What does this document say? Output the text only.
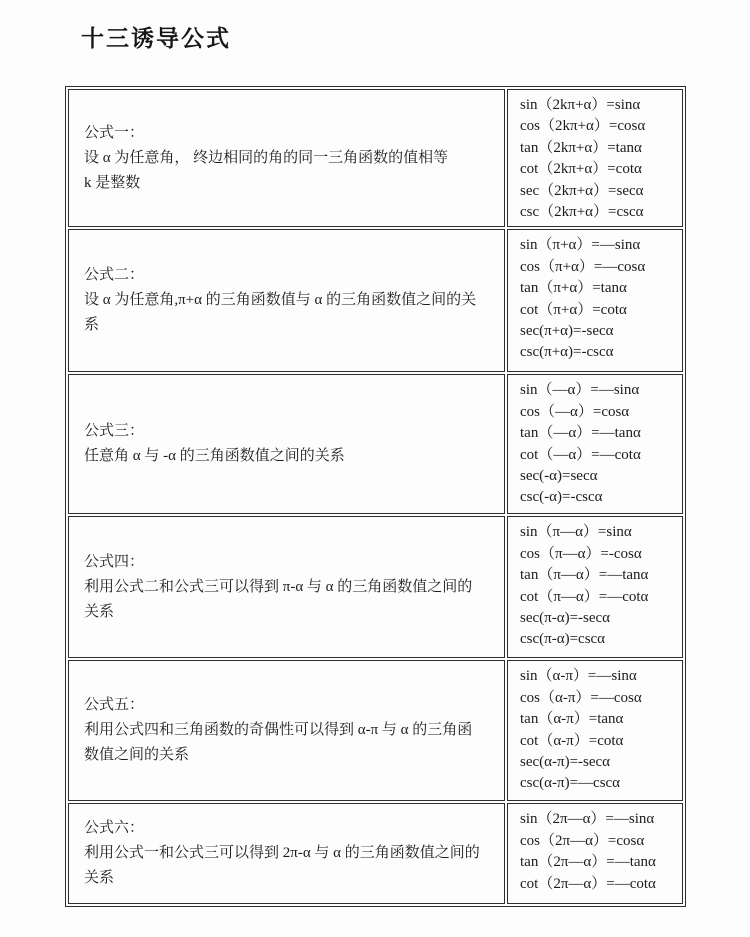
十三诱导公式
公式一：
设 α 为任意角， 终边相同的角的同一三角函数的值相等
k 是整数

sin（2kπ+α）=sinα
cos（2kπ+α）=cosα
tan（2kπ+α）=tanα
cot（2kπ+α）=cotα
sec（2kπ+α）=secα
csc（2kπ+α）=cscα

公式二：
设 α 为任意角,π+α 的三角函数值与 α 的三角函数值之间的关系

sin（π+α）=—sinα
cos（π+α）=—cosα
tan（π+α）=tanα
cot（π+α）=cotα
sec(π+α)=-secα
csc(π+α)=-cscα

公式三：
任意角 α 与 -α 的三角函数值之间的关系

sin（—α）=—sinα
cos（—α）=cosα
tan（—α）=—tanα
cot（—α）=—cotα
sec(-α)=secα
csc(-α)=-cscα

公式四：
利用公式二和公式三可以得到 π-α 与 α 的三角函数值之间的关系

sin（π—α）=sinα
cos（π—α）=-cosα
tan（π—α）=—tanα
cot（π—α）=—cotα
sec(π-α)=-secα
csc(π-α)=cscα

公式五：
利用公式四和三角函数的奇偶性可以得到 α-π 与 α 的三角函数值之间的关系

sin（α-π）=—sinα
cos（α-π）=—cosα
tan（α-π）=tanα
cot（α-π）=cotα
sec(α-π)=-secα
csc(α-π)=—cscα

公式六：
利用公式一和公式三可以得到 2π-α 与 α 的三角函数值之间的关系

sin（2π—α）=—sinα
cos（2π—α）=cosα
tan（2π—α）=—tanα
cot（2π—α）=—cotα
